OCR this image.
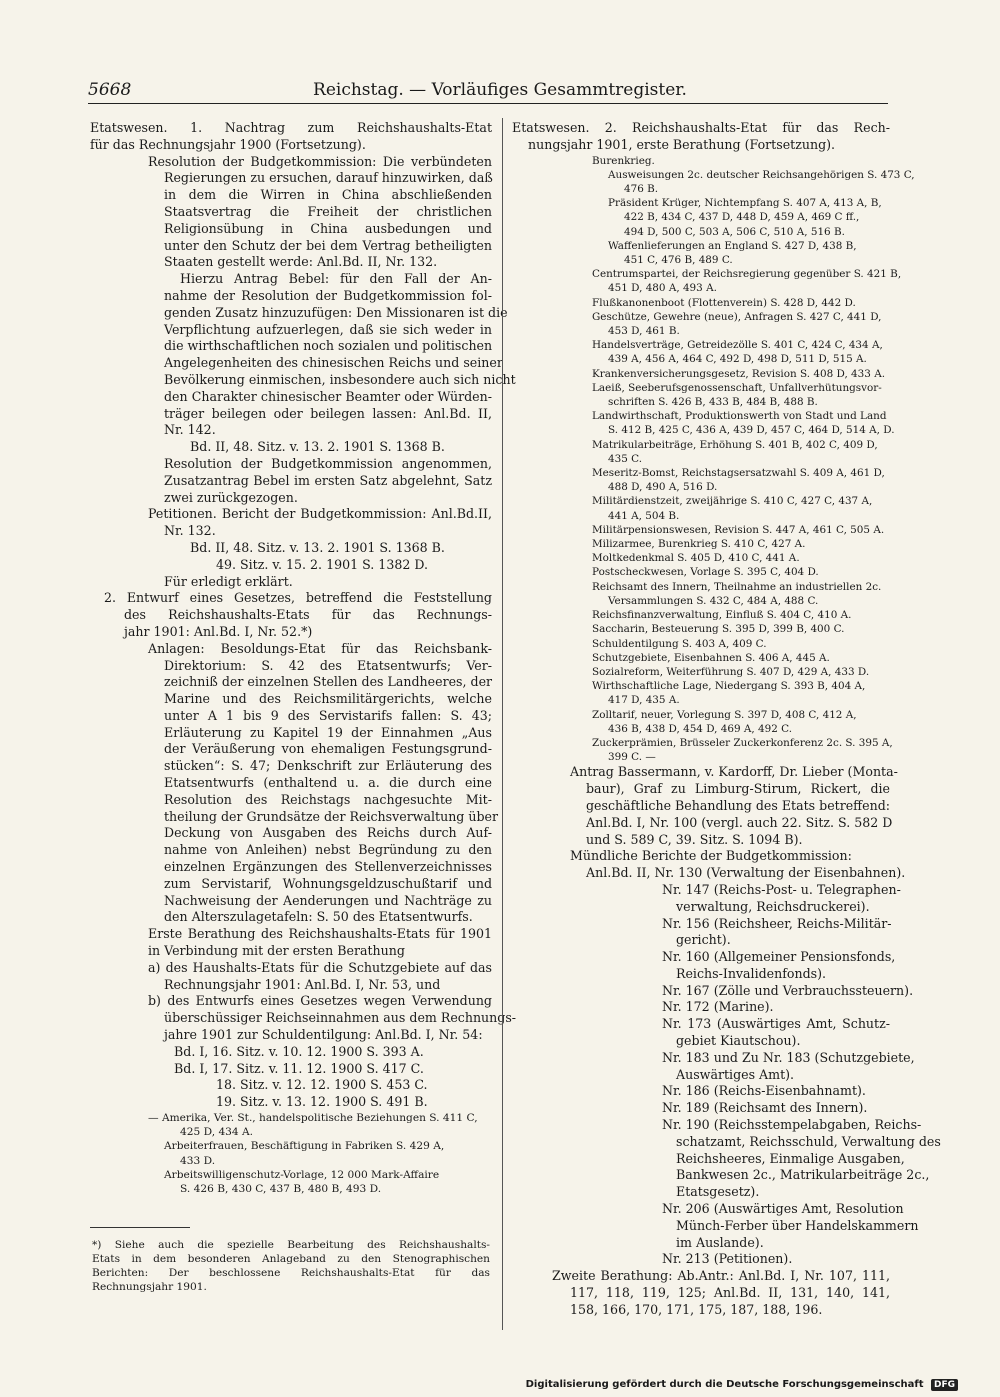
5668	Reichstag. — Vorläufiges Gesammtregister.
Etatswesen. 1. Nachtrag zum Reichshaushalts-Etat
für das Rechnungsjahr 1900 (Fortsetzung).
Resolution der Budgetkommission: Die verbündeten
Regierungen zu ersuchen, darauf hinzuwirken, daß
in dem die Wirren in China abschließenden
Staatsvertrag die Freiheit der christlichen
Religionsübung in China ausbedungen und
unter den Schutz der bei dem Vertrag betheiligten
Staaten gestellt werde: Anl.Bd. II, Nr. 132.
Hierzu Antrag Bebel: für den Fall der An-
nahme der Resolution der Budgetkommission fol-
genden Zusatz hinzuzufügen: Den Missionaren ist die
Verpflichtung aufzuerlegen, daß sie sich weder in
die wirthschaftlichen noch sozialen und politischen
Angelegenheiten des chinesischen Reichs und seiner
Bevölkerung einmischen, insbesondere auch sich nicht
den Charakter chinesischer Beamter oder Würden-
träger beilegen oder beilegen lassen: Anl.Bd. II,
Nr. 142.
Bd. II, 48. Sitz. v. 13. 2. 1901 S. 1368 B.
Resolution der Budgetkommission angenommen,
Zusatzantrag Bebel im ersten Satz abgelehnt, Satz
zwei zurückgezogen.
Petitionen. Bericht der Budgetkommission: Anl.Bd.II,
Nr. 132.
Bd. II, 48. Sitz. v. 13. 2. 1901 S. 1368 B.
49. Sitz. v. 15. 2. 1901 S. 1382 D.
Für erledigt erklärt.
2. Entwurf eines Gesetzes, betreffend die Feststellung
des Reichshaushalts-Etats für das Rechnungs-
jahr 1901: Anl.Bd. I, Nr. 52.*)
Anlagen: Besoldungs-Etat für das Reichsbank-
Direktorium: S. 42 des Etatsentwurfs; Ver-
zeichniß der einzelnen Stellen des Landheeres, der
Marine und des Reichsmilitärgerichts, welche
unter A 1 bis 9 des Servistarifs fallen: S. 43;
Erläuterung zu Kapitel 19 der Einnahmen „Aus
der Veräußerung von ehemaligen Festungsgrund-
stücken“: S. 47; Denkschrift zur Erläuterung des
Etatsentwurfs (enthaltend u. a. die durch eine
Resolution des Reichstags nachgesuchte Mit-
theilung der Grundsätze der Reichsverwaltung über
Deckung von Ausgaben des Reichs durch Auf-
nahme von Anleihen) nebst Begründung zu den
einzelnen Ergänzungen des Stellenverzeichnisses
zum Servistarif, Wohnungsgeldzuschußtarif und
Nachweisung der Aenderungen und Nachträge zu
den Alterszulagetafeln: S. 50 des Etatsentwurfs.
Erste Berathung des Reichshaushalts-Etats für 1901
in Verbindung mit der ersten Berathung
a) des Haushalts-Etats für die Schutzgebiete auf das
Rechnungsjahr 1901: Anl.Bd. I, Nr. 53, und
b) des Entwurfs eines Gesetzes wegen Verwendung
überschüssiger Reichseinnahmen aus dem Rechnungs-
jahre 1901 zur Schuldentilgung: Anl.Bd. I, Nr. 54:
Bd. I, 16. Sitz. v. 10. 12. 1900 S. 393 A.
Bd. I, 17. Sitz. v. 11. 12. 1900 S. 417 C.
18. Sitz. v. 12. 12. 1900 S. 453 C.
19. Sitz. v. 13. 12. 1900 S. 491 B.
— Amerika, Ver. St., handelspolitische Beziehungen S. 411 C,
425 D, 434 A.
Arbeiterfrauen, Beschäftigung in Fabriken S. 429 A,
433 D.
Arbeitswilligenschutz-Vorlage, 12 000 Mark-Affaire
S. 426 B, 430 C, 437 B, 480 B, 493 D.
Etatswesen. 2. Reichshaushalts-Etat für das Rech-
nungsjahr 1901, erste Berathung (Fortsetzung).
Burenkrieg.
Ausweisungen 2c. deutscher Reichsangehörigen S. 473 C,
476 B.
Präsident Krüger, Nichtempfang S. 407 A, 413 A, B,
422 B, 434 C, 437 D, 448 D, 459 A, 469 C ff.,
494 D, 500 C, 503 A, 506 C, 510 A, 516 B.
Waffenlieferungen an England S. 427 D, 438 B,
451 C, 476 B, 489 C.
Centrumspartei, der Reichsregierung gegenüber S. 421 B,
451 D, 480 A, 493 A.
Flußkanonenboot (Flottenverein) S. 428 D, 442 D.
Geschütze, Gewehre (neue), Anfragen S. 427 C, 441 D,
453 D, 461 B.
Handelsverträge, Getreidezölle S. 401 C, 424 C, 434 A,
439 A, 456 A, 464 C, 492 D, 498 D, 511 D, 515 A.
Krankenversicherungsgesetz, Revision S. 408 D, 433 A.
Laeiß, Seeberufsgenossenschaft, Unfallverhütungsvor-
schriften S. 426 B, 433 B, 484 B, 488 B.
Landwirthschaft, Produktionswerth von Stadt und Land
S. 412 B, 425 C, 436 A, 439 D, 457 C, 464 D, 514 A, D.
Matrikularbeiträge, Erhöhung S. 401 B, 402 C, 409 D,
435 C.
Meseritz-Bomst, Reichstagsersatzwahl S. 409 A, 461 D,
488 D, 490 A, 516 D.
Militärdienstzeit, zweijährige S. 410 C, 427 C, 437 A,
441 A, 504 B.
Militärpensionswesen, Revision S. 447 A, 461 C, 505 A.
Milizarmee, Burenkrieg S. 410 C, 427 A.
Moltkedenkmal S. 405 D, 410 C, 441 A.
Postscheckwesen, Vorlage S. 395 C, 404 D.
Reichsamt des Innern, Theilnahme an industriellen 2c.
Versammlungen S. 432 C, 484 A, 488 C.
Reichsfinanzverwaltung, Einfluß S. 404 C, 410 A.
Saccharin, Besteuerung S. 395 D, 399 B, 400 C.
Schuldentilgung S. 403 A, 409 C.
Schutzgebiete, Eisenbahnen S. 406 A, 445 A.
Sozialreform, Weiterführung S. 407 D, 429 A, 433 D.
Wirthschaftliche Lage, Niedergang S. 393 B, 404 A,
417 D, 435 A.
Zolltarif, neuer, Vorlegung S. 397 D, 408 C, 412 A,
436 B, 438 D, 454 D, 469 A, 492 C.
Zuckerprämien, Brüsseler Zuckerkonferenz 2c. S. 395 A,
399 C. —
Antrag Bassermann, v. Kardorff, Dr. Lieber (Monta-
baur), Graf zu Limburg-Stirum, Rickert, die
geschäftliche Behandlung des Etats betreffend:
Anl.Bd. I, Nr. 100 (vergl. auch 22. Sitz. S. 582 D
und S. 589 C, 39. Sitz. S. 1094 B).
Mündliche Berichte der Budgetkommission:
Anl.Bd. II, Nr. 130 (Verwaltung der Eisenbahnen).
Nr. 147 (Reichs-Post- u. Telegraphen-
verwaltung, Reichsdruckerei).
Nr. 156 (Reichsheer, Reichs-Militär-
gericht).
Nr. 160 (Allgemeiner Pensionsfonds,
Reichs-Invalidenfonds).
Nr. 167 (Zölle und Verbrauchssteuern).
Nr. 172 (Marine).
Nr. 173 (Auswärtiges Amt, Schutz-
gebiet Kiautschou).
Nr. 183 und Zu Nr. 183 (Schutzgebiete,
Auswärtiges Amt).
Nr. 186 (Reichs-Eisenbahnamt).
Nr. 189 (Reichsamt des Innern).
Nr. 190 (Reichsstempelabgaben, Reichs-
schatzamt, Reichsschuld, Verwaltung des
Reichsheeres, Einmalige Ausgaben,
Bankwesen 2c., Matrikularbeiträge 2c.,
Etatsgesetz).
Nr. 206 (Auswärtiges Amt, Resolution
Münch-Ferber über Handelskammern
im Auslande).
Nr. 213 (Petitionen).
Zweite Berathung: Ab.Antr.: Anl.Bd. I, Nr. 107, 111,
117, 118, 119, 125; Anl.Bd. II, 131, 140, 141,
158, 166, 170, 171, 175, 187, 188, 196.
*) Siehe auch die spezielle Bearbeitung des Reichshaushalts-
Etats in dem besonderen Anlageband zu den Stenographischen
Berichten: Der beschlossene Reichshaushalts-Etat für das
Rechnungsjahr 1901.
Digitalisierung gefördert durch die Deutsche Forschungsgemeinschaft DFG
